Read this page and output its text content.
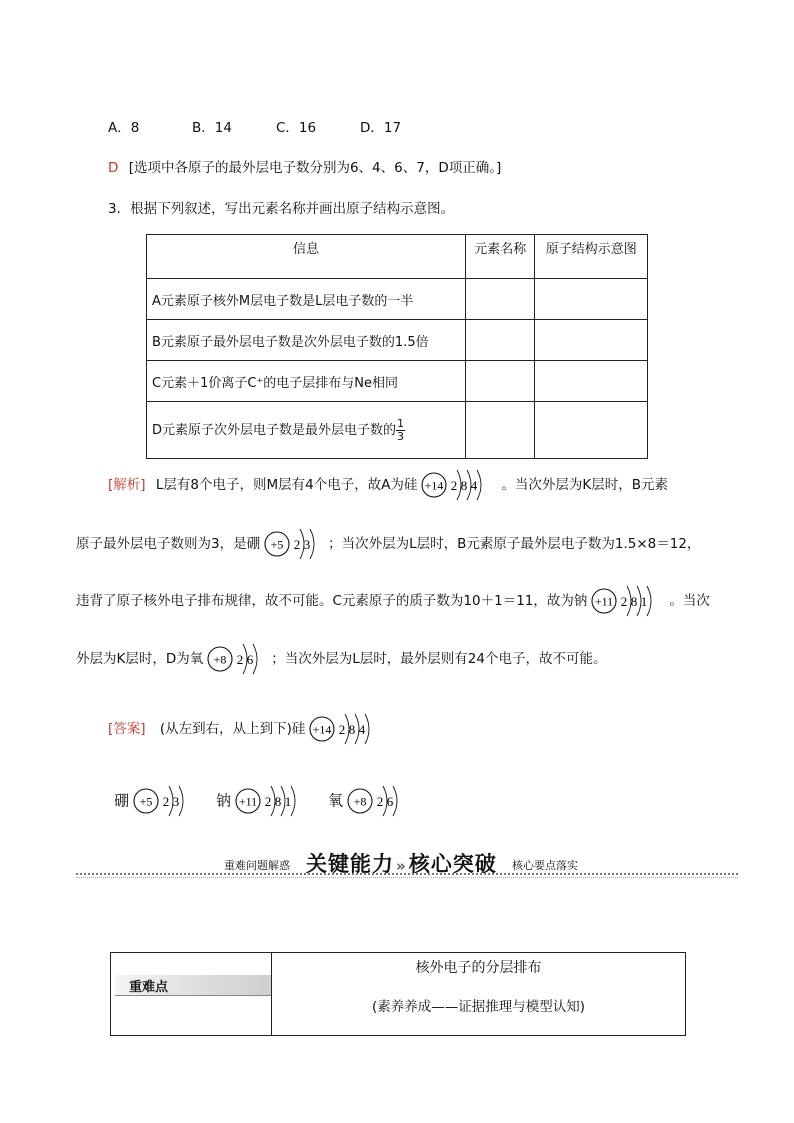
A．8	B．14	C．16	D．17
D [选项中各原子的最外层电子数分别为6、4、6、7，D项正确。]
3．根据下列叙述，写出元素名称并画出原子结构示意图。
信息	元素名称	原子结构示意图
A元素原子核外M层电子数是L层电子数的一半		
B元素原子最外层电子数是次外层电子数的1.5倍		
C元素＋1价离子C⁺的电子层排布与Ne相同		
D元素原子次外层电子数是最外层电子数的 $\frac{1}{3}$

[解析] L层有8个电子，则M层有4个电子，故A为硅 +14 2 8 4 。当次外层为K层时，B元素
原子最外层电子数则为3，是硼 +5 2 3 ；当次外层为L层时，B元素原子最外层电子数为1.5×8＝12，
违背了原子核外电子排布规律，故不可能。C元素原子的质子数为10＋1＝11，故为钠 +11 2 8 1 。当次
外层为K层时，D为氧 +8 2 6 ；当次外层为L层时，最外层则有24个电子，故不可能。
[答案] (从左到右，从上到下)硅 +14 2 8 4
硼 +5 2 3 钠 +11 2 8 1 氧 +8 2 6
重难问题解惑 关键能力 »核心突破 核心要点落实
重难点
核外电子的分层排布
(素养养成——证据推理与模型认知)
